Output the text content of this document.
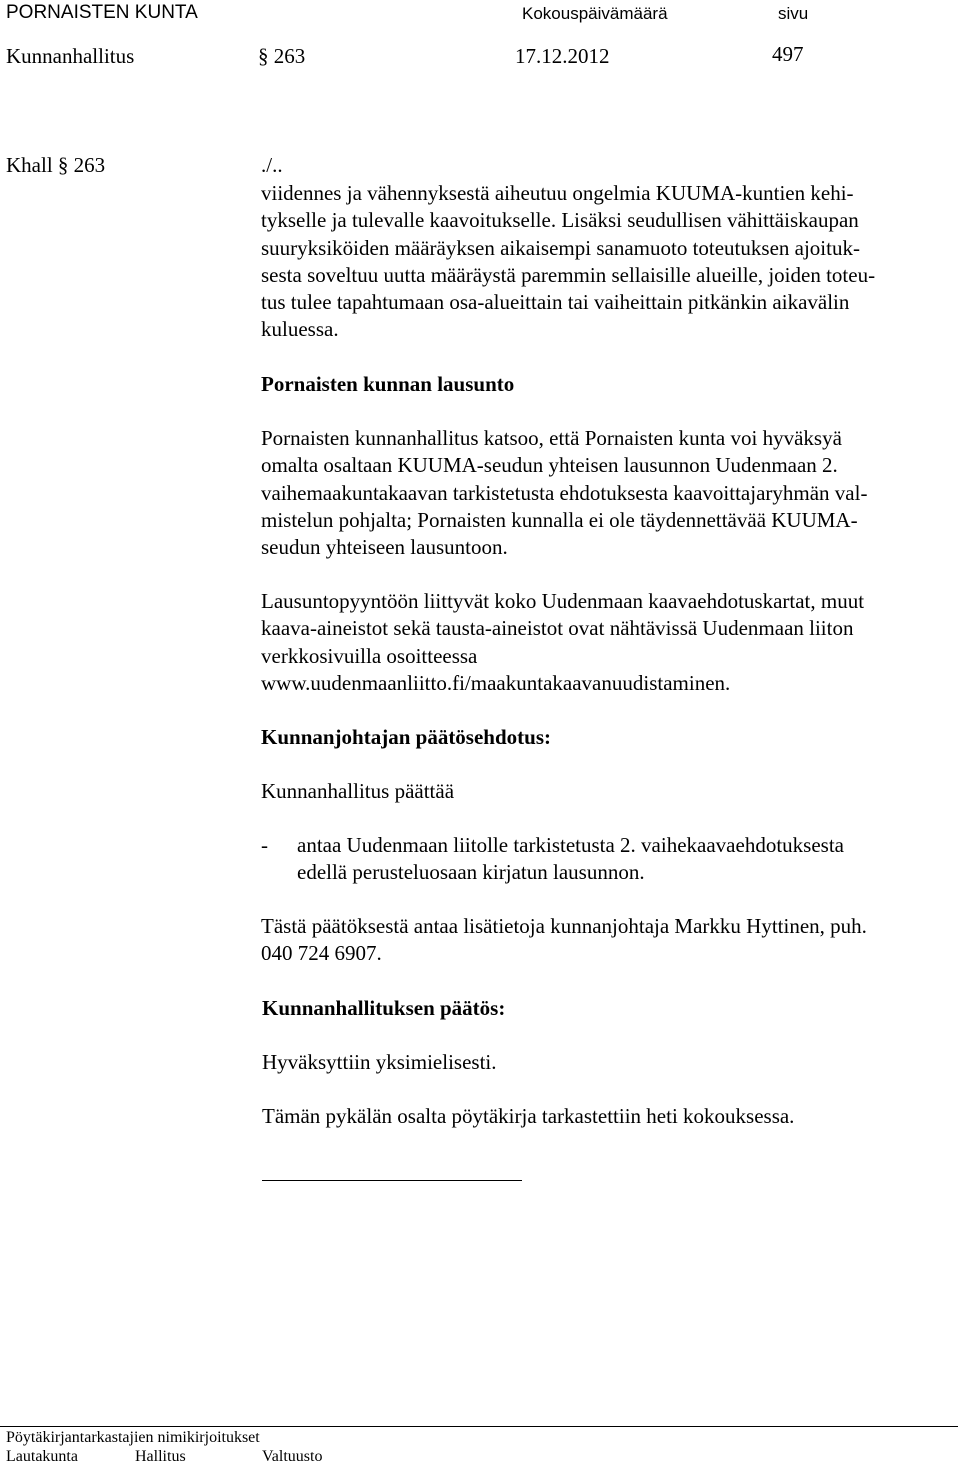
PORNAISTEN KUNTA	Kokouspäivämäärä	sivu
Kunnanhallitus	§ 263	17.12.2012	497
Khall § 263	./..
viidennes ja vähennyksestä aiheutuu ongelmia KUUMA-kuntien kehi-
tykselle ja tulevalle kaavoitukselle. Lisäksi seudullisen vähittäiskaupan
suuryksiköiden määräyksen aikaisempi sanamuoto toteutuksen ajoituk-
sesta soveltuu uutta määräystä paremmin sellaisille alueille, joiden toteu-
tus tulee tapahtumaan osa-alueittain tai vaiheittain pitkänkin aikavälin
kuluessa.
Pornaisten kunnan lausunto
Pornaisten kunnanhallitus katsoo, että Pornaisten kunta voi hyväksyä
omalta osaltaan KUUMA-seudun yhteisen lausunnon Uudenmaan 2.
vaihemaakuntakaavan tarkistetusta ehdotuksesta kaavoittajaryhmän val-
mistelun pohjalta; Pornaisten kunnalla ei ole täydennettävää KUUMA-
seudun yhteiseen lausuntoon.
Lausuntopyyntöön liittyvät koko Uudenmaan kaavaehdotuskartat, muut
kaava-aineistot sekä tausta-aineistot ovat nähtävissä Uudenmaan liiton
verkkosivuilla osoitteessa
www.uudenmaanliitto.fi/maakuntakaavanuudistaminen.
Kunnanjohtajan päätösehdotus:
Kunnanhallitus päättää
- antaa Uudenmaan liitolle tarkistetusta 2. vaihekaavaehdotuksesta
edellä perusteluosaan kirjatun lausunnon.
Tästä päätöksestä antaa lisätietoja kunnanjohtaja Markku Hyttinen, puh.
040 724 6907.
Kunnanhallituksen päätös:
Hyväksyttiin yksimielisesti.
Tämän pykälän osalta pöytäkirja tarkastettiin heti kokouksessa.
Pöytäkirjantarkastajien nimikirjoitukset
Lautakunta	Hallitus	Valtuusto
